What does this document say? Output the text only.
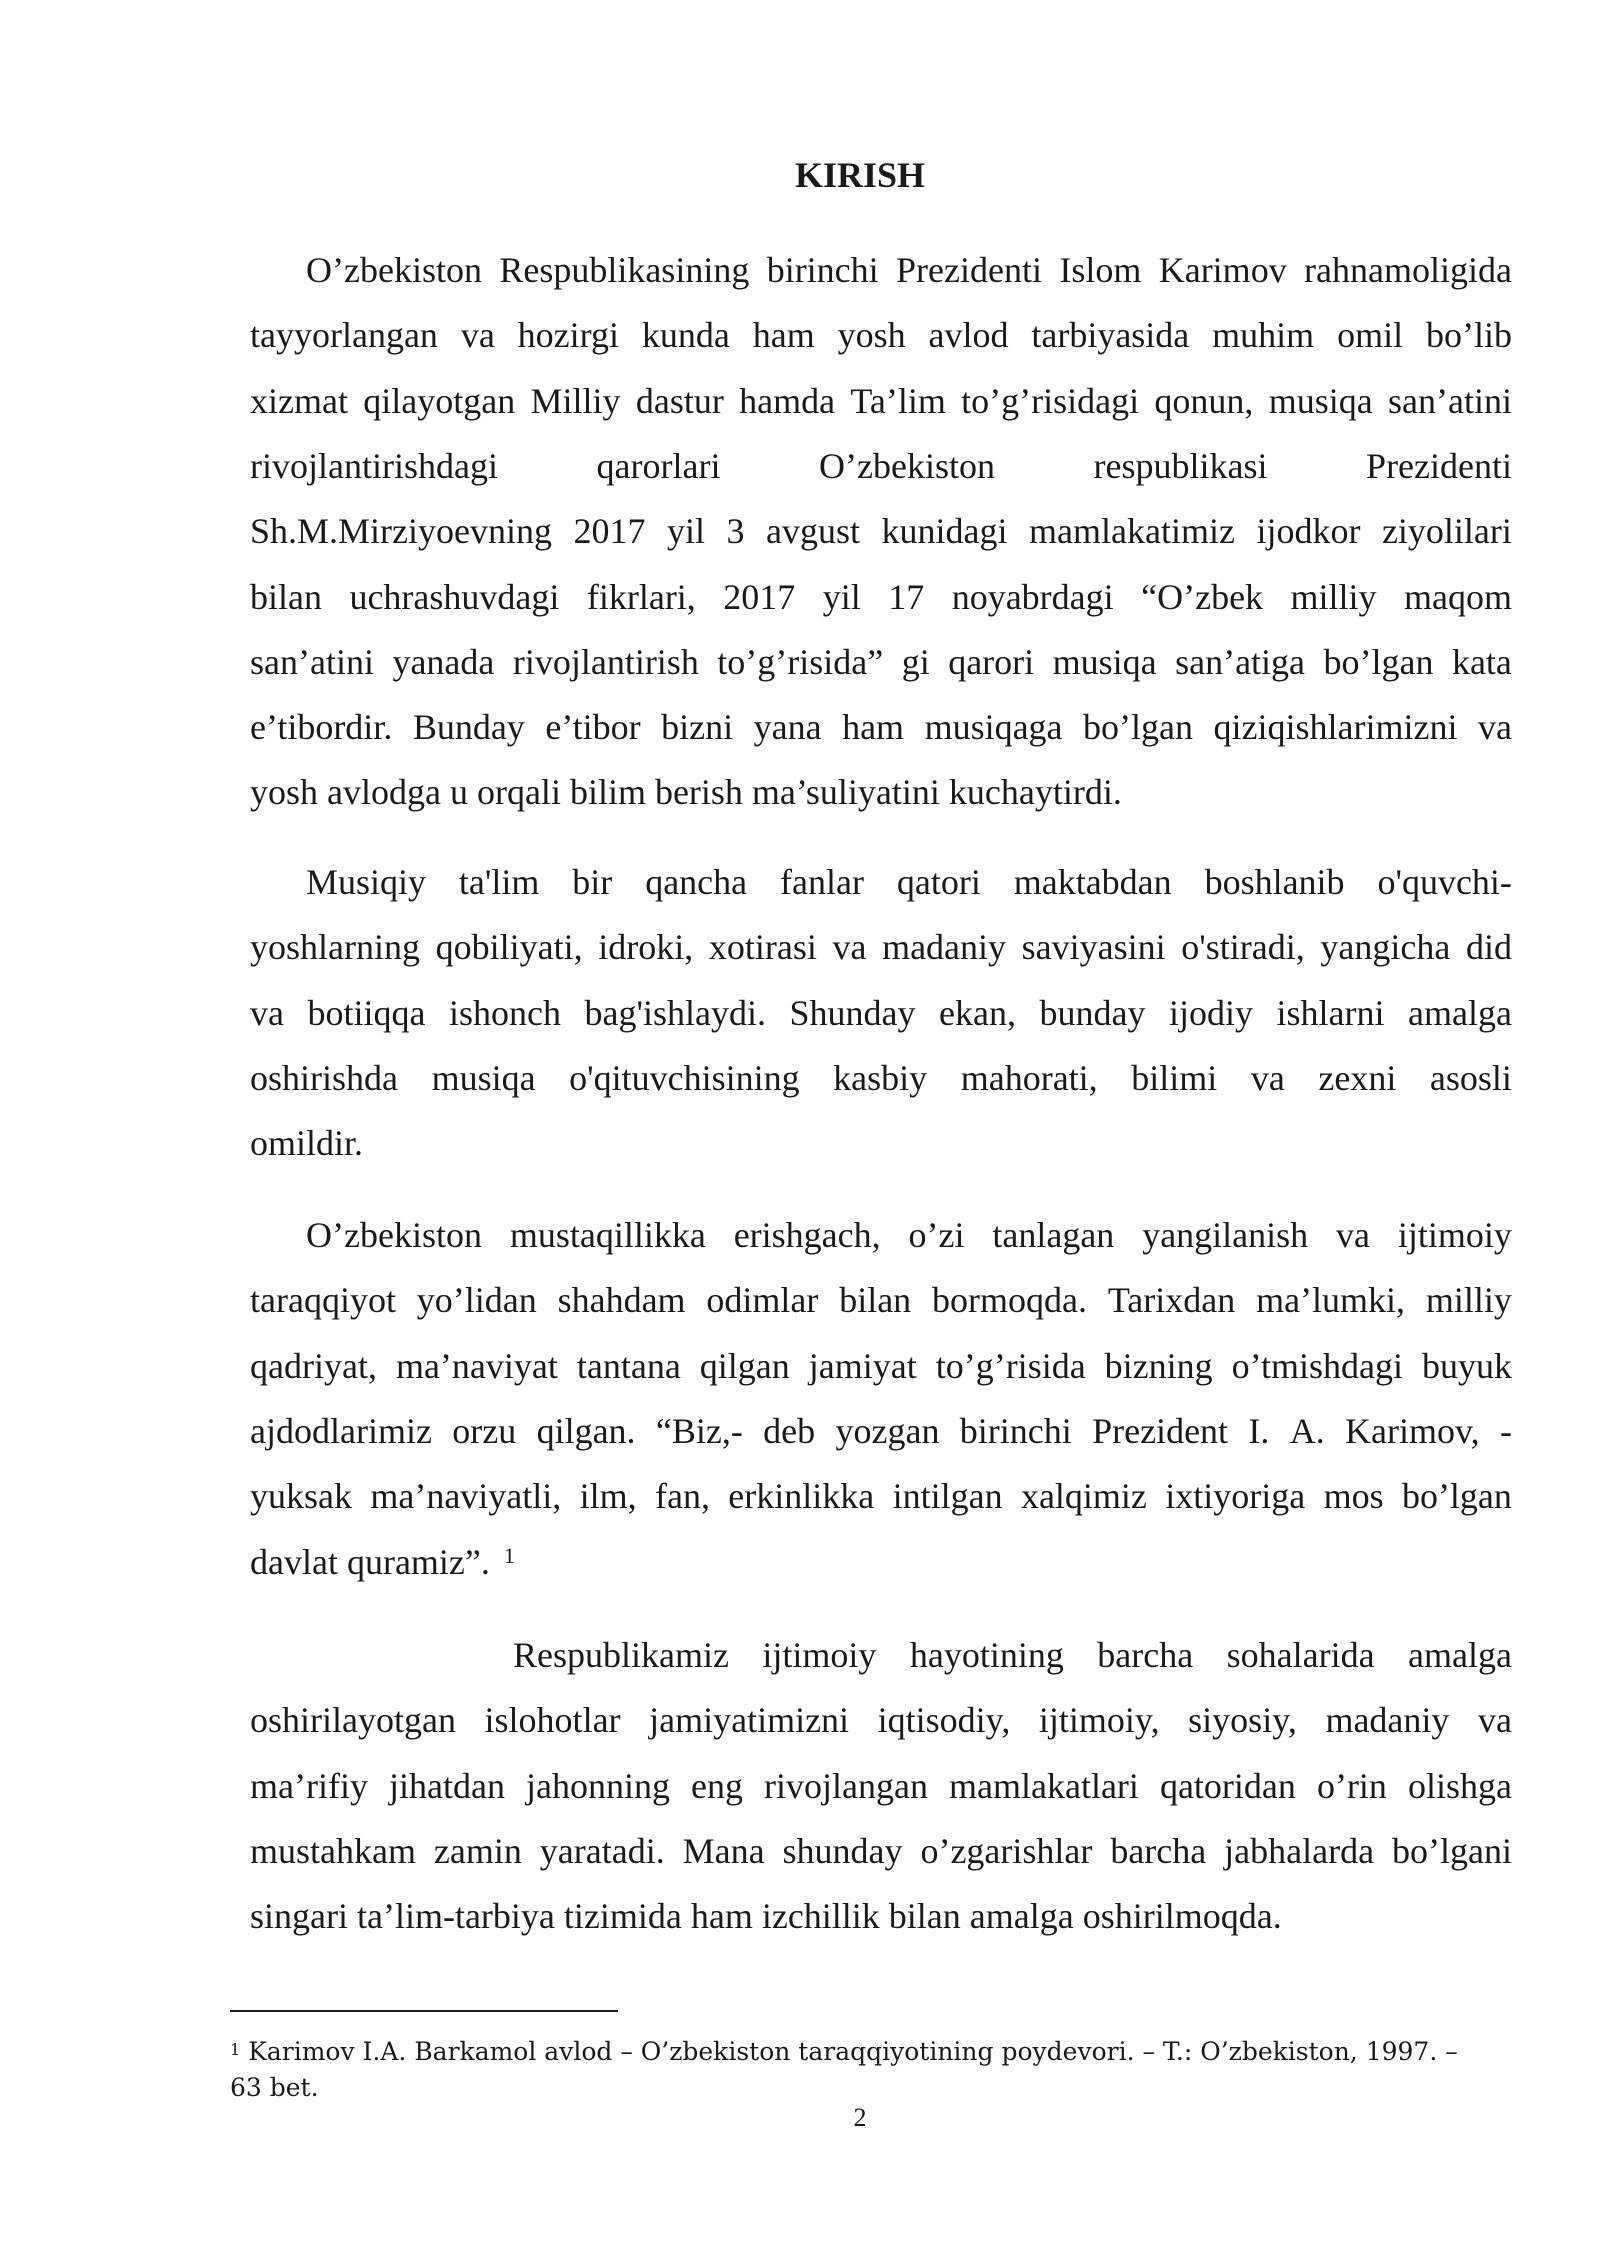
KIRISH
O’zbekiston Respublikasining birinchi Prezidenti Islom Karimov rahnamoligida
tayyorlangan va hozirgi kunda ham yosh avlod tarbiyasida muhim omil bo’lib
xizmat qilayotgan Milliy dastur hamda Ta’lim to’g’risidagi qonun, musiqa san’atini
rivojlantirishdagi	qarorlari	O’zbekiston	respublikasi	Prezidenti
Sh.M.Mirziyoevning 2017 yil 3 avgust kunidagi mamlakatimiz ijodkor ziyolilari
bilan uchrashuvdagi fikrlari, 2017 yil 17 noyabrdagi “O’zbek milliy maqom
san’atini yanada rivojlantirish to’g’risida” gi qarori musiqa san’atiga bo’lgan kata
e’tibordir. Bunday e’tibor bizni yana ham musiqaga bo’lgan qiziqishlarimizni va
yosh avlodga u orqali bilim berish ma’suliyatini kuchaytirdi.
Musiqiy ta'lim bir qancha fanlar qatori maktabdan boshlanib o'quvchi-
yoshlarning qobiliyati, idroki, xotirasi va madaniy saviyasini o'stiradi, yangicha did
va botiiqqa ishonch bag'ishlaydi. Shunday ekan, bunday ijodiy ishlarni amalga
oshirishda musiqa o'qituvchisining kasbiy mahorati, bilimi va zexni asosli
omildir.
O’zbekiston mustaqillikka erishgach, o’zi tanlagan yangilanish va ijtimoiy
taraqqiyot yo’lidan shahdam odimlar bilan bormoqda. Tarixdan ma’lumki, milliy
qadriyat, ma’naviyat tantana qilgan jamiyat to’g’risida bizning o’tmishdagi buyuk
ajdodlarimiz orzu qilgan. “Biz,- deb yozgan birinchi Prezident I. A. Karimov, -
yuksak ma’naviyatli, ilm, fan, erkinlikka intilgan xalqimiz ixtiyoriga mos bo’lgan
davlat quramiz”. $^1$
Respublikamiz ijtimoiy hayotining barcha sohalarida amalga
oshirilayotgan islohotlar jamiyatimizni iqtisodiy, ijtimoiy, siyosiy, madaniy va
ma’rifiy jihatdan jahonning eng rivojlangan mamlakatlari qatoridan o’rin olishga
mustahkam zamin yaratadi. Mana shunday o’zgarishlar barcha jabhalarda bo’lgani
singari ta’lim-tarbiya tizimida ham izchillik bilan amalga oshirilmoqda.
$^1$ Karimov I.A. Barkamol avlod – O’zbekiston taraqqiyotining poydevori. – T.: O’zbekiston, 1997. –
63 bet.
2
